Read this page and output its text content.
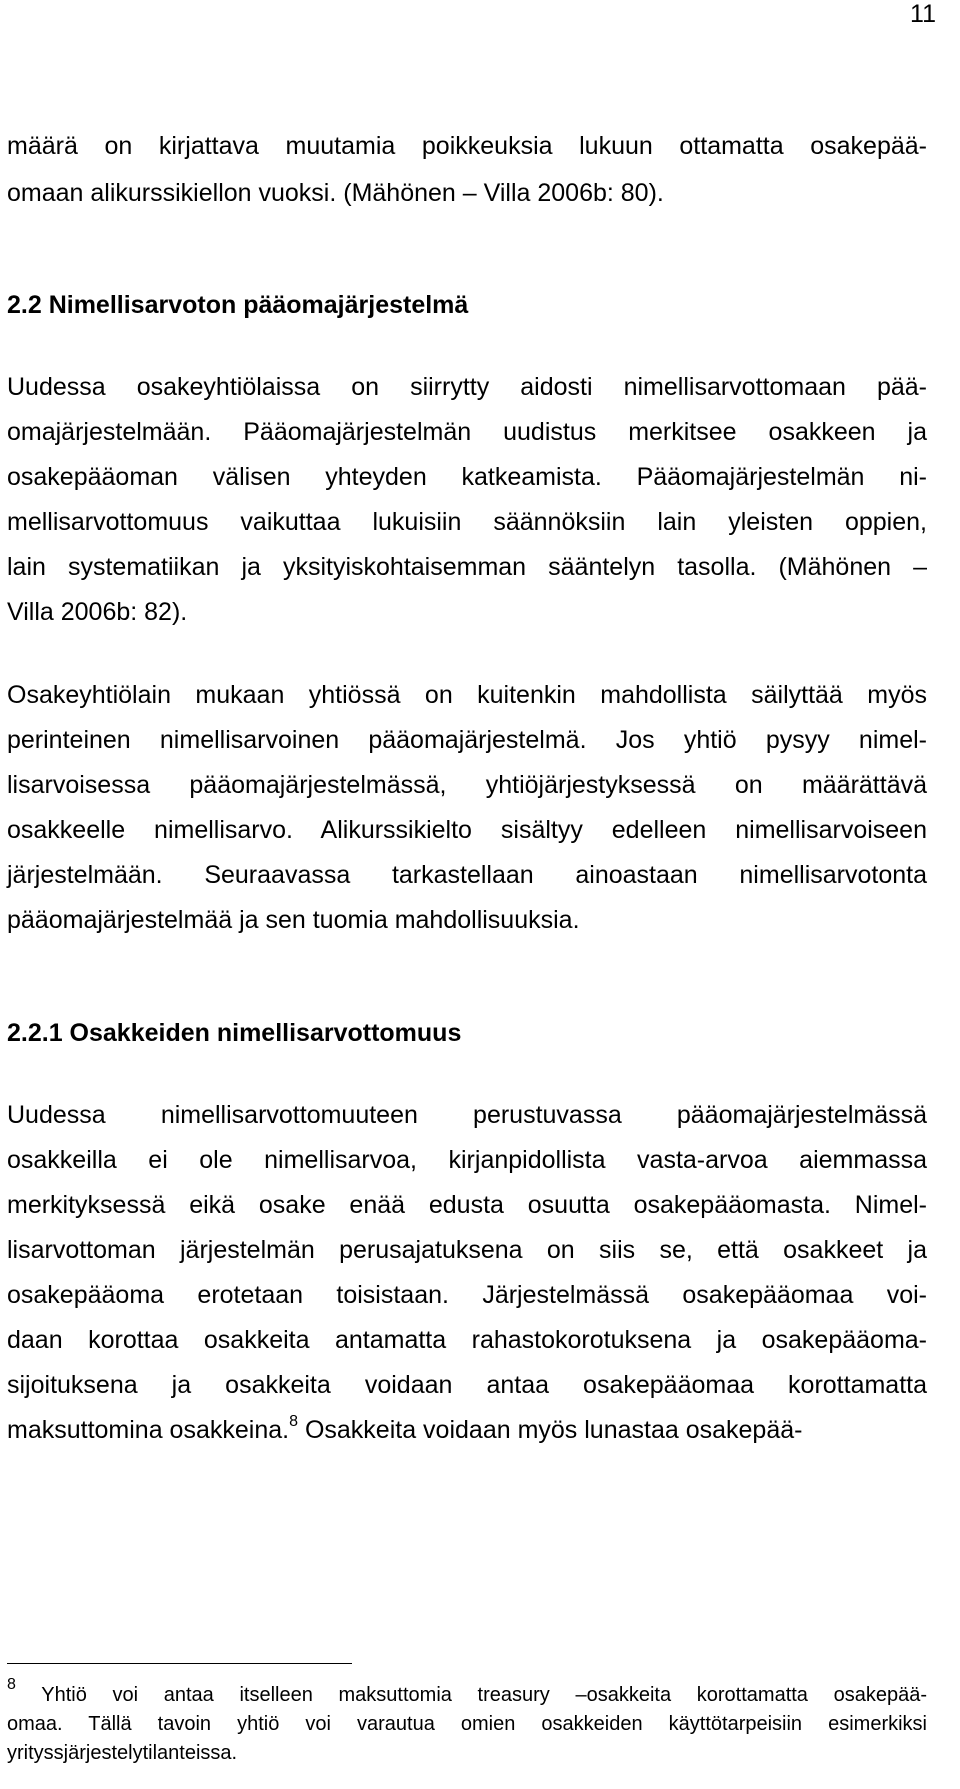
11
määrä on kirjattava muutamia poikkeuksia lukuun ottamatta osakepää-
omaan alikurssikiellon vuoksi. (Mähönen – Villa 2006b: 80).
2.2 Nimellisarvoton pääomajärjestelmä
Uudessa osakeyhtiölaissa on siirrytty aidosti nimellisarvottomaan pää-
omajärjestelmään. Pääomajärjestelmän uudistus merkitsee osakkeen ja
osakepääoman välisen yhteyden katkeamista. Pääomajärjestelmän ni-
mellisarvottomuus vaikuttaa lukuisiin säännöksiin lain yleisten oppien,
lain systematiikan ja yksityiskohtaisemman sääntelyn tasolla. (Mähönen –
Villa 2006b: 82).
Osakeyhtiölain mukaan yhtiössä on kuitenkin mahdollista säilyttää myös
perinteinen nimellisarvoinen pääomajärjestelmä. Jos yhtiö pysyy nimel-
lisarvoisessa pääomajärjestelmässä, yhtiöjärjestyksessä on määrättävä
osakkeelle nimellisarvo. Alikurssikielto sisältyy edelleen nimellisarvoiseen
järjestelmään. Seuraavassa tarkastellaan ainoastaan nimellisarvotonta
pääomajärjestelmää ja sen tuomia mahdollisuuksia.
2.2.1 Osakkeiden nimellisarvottomuus
Uudessa nimellisarvottomuuteen perustuvassa pääomajärjestelmässä
osakkeilla ei ole nimellisarvoa, kirjanpidollista vasta-arvoa aiemmassa
merkityksessä eikä osake enää edusta osuutta osakepääomasta. Nimel-
lisarvottoman järjestelmän perusajatuksena on siis se, että osakkeet ja
osakepääoma erotetaan toisistaan. Järjestelmässä osakepääomaa voi-
daan korottaa osakkeita antamatta rahastokorotuksena ja osakepääoma-
sijoituksena ja osakkeita voidaan antaa osakepääomaa korottamatta
maksuttomina osakkeina.$^8$ Osakkeita voidaan myös lunastaa osakepää-
$^8$ Yhtiö voi antaa itselleen maksuttomia treasury –osakkeita korottamatta osakepää-
omaa. Tällä tavoin yhtiö voi varautua omien osakkeiden käyttötarpeisiin esimerkiksi
yrityssjärjestelytilanteissa.
